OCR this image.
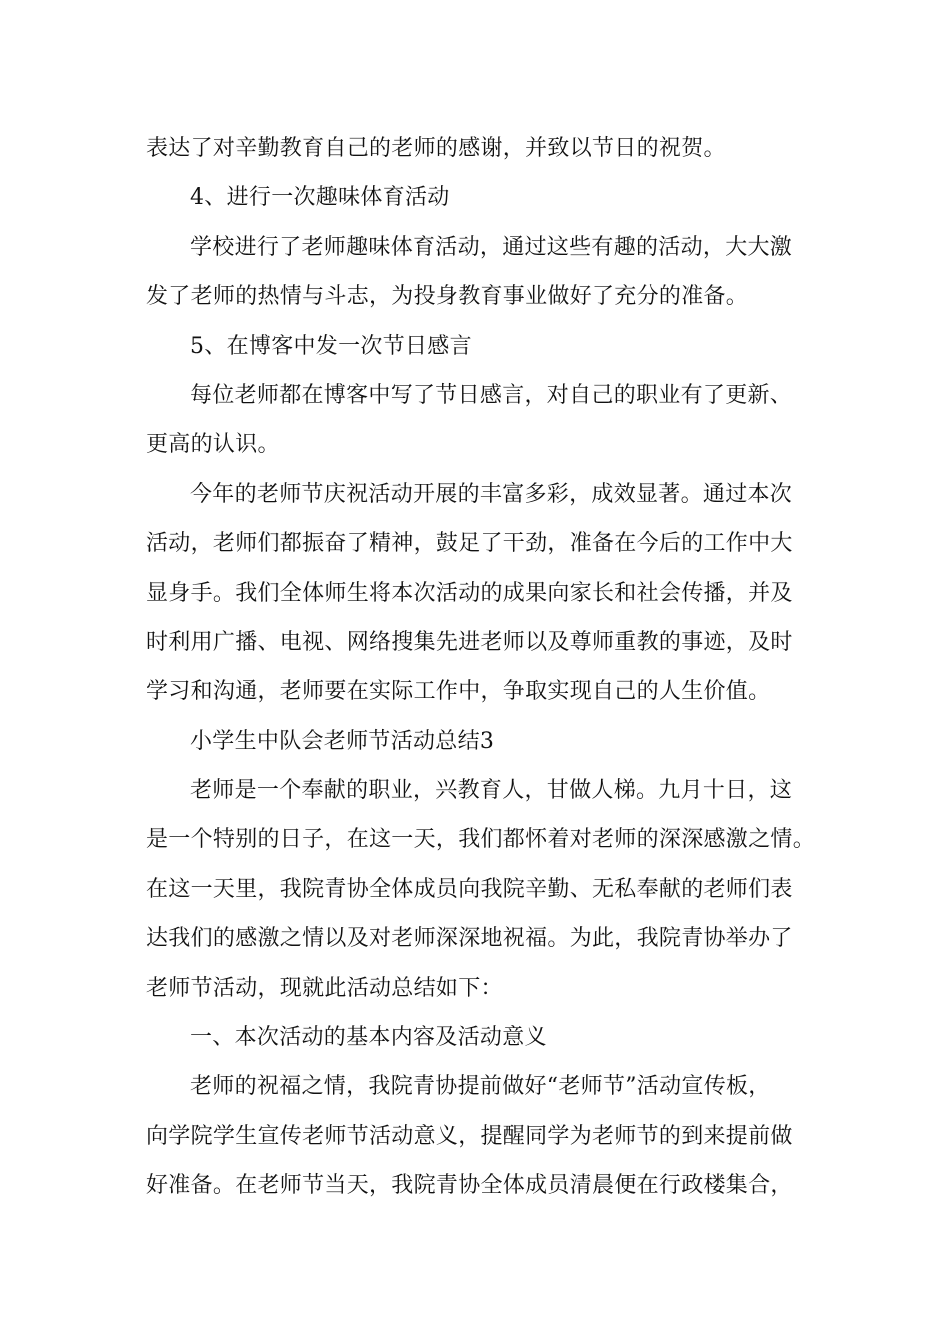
表达了对辛勤教育自己的老师的感谢，并致以节日的祝贺。
4、进行一次趣味体育活动
学校进行了老师趣味体育活动，通过这些有趣的活动，大大激
发了老师的热情与斗志，为投身教育事业做好了充分的准备。
5、在博客中发一次节日感言
每位老师都在博客中写了节日感言，对自己的职业有了更新、
更高的认识。
今年的老师节庆祝活动开展的丰富多彩，成效显著。通过本次
活动，老师们都振奋了精神，鼓足了干劲，准备在今后的工作中大
显身手。我们全体师生将本次活动的成果向家长和社会传播，并及
时利用广播、电视、网络搜集先进老师以及尊师重教的事迹，及时
学习和沟通，老师要在实际工作中，争取实现自己的人生价值。
小学生中队会老师节活动总结3
老师是一个奉献的职业，兴教育人，甘做人梯。九月十日，这
是一个特别的日子，在这一天，我们都怀着对老师的深深感激之情。
在这一天里，我院青协全体成员向我院辛勤、无私奉献的老师们表
达我们的感激之情以及对老师深深地祝福。为此，我院青协举办了
老师节活动，现就此活动总结如下：
一、本次活动的基本内容及活动意义
老师的祝福之情，我院青协提前做好“老师节”活动宣传板，
向学院学生宣传老师节活动意义，提醒同学为老师节的到来提前做
好准备。在老师节当天，我院青协全体成员清晨便在行政楼集合，
